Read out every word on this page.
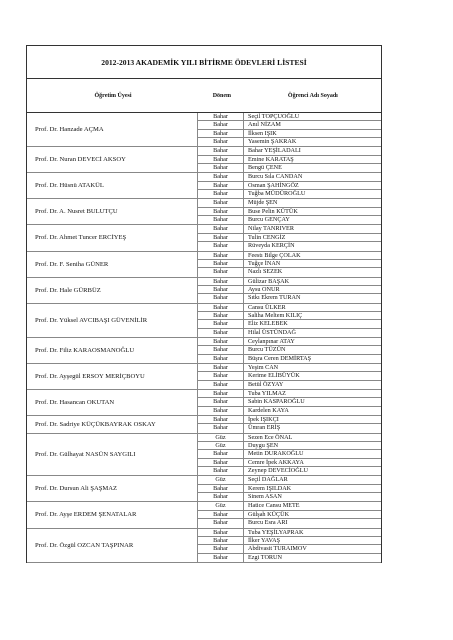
2012-2013 AKADEMİK YILI BİTİRME ÖDEVLERİ LİSTESİ
Öğretim Üyesi	Dönem	Öğrenci Adı Soyadı
Prof. Dr. Hanzade AÇMA
Bahar	Seçil TOPÇUOĞLU
Bahar	Anıl NİZAM
Bahar	İlksen IŞIK
Bahar	Yasemin ŞAKRAK
Prof. Dr. Nuran DEVECİ AKSOY
Bahar	Bahar YEŞİLADALI
Bahar	Emine KARATAŞ
Bahar	Bengü ÇENE
Prof. Dr. Hüsnü ATAKÜL
Bahar	Burcu Sıla CANDAN
Bahar	Osman ŞAHİNGÖZ
Bahar	Tuğba MÜDÜROĞLU
Prof. Dr. A. Nusret BULUTÇU
Bahar	Müjde ŞEN
Bahar	Buse Pelin KÜTÜK
Bahar	Burcu GENÇAY
Prof. Dr. Ahmet Tuncer ERCİYEŞ
Bahar	Nilay TANRIVER
Bahar	Tulin CENGİZ
Bahar	Rüveyda KERÇİN
Prof. Dr. F. Seniha GÜNER
Bahar	Feestı Bilge ÇOLAK
Bahar	Tuğçe İNAN
Bahar	Nazlı SEZEK
Prof. Dr. Hale GÜRBÜZ
Bahar	Gülizar BAŞAK
Bahar	Aysu ONUR
Bahar	Sıtkı Ekrem TURAN
Prof. Dr. Yüksel AVCIBAŞI GÜVENİLİR
Bahar	Cansu ÜLKER
Bahar	Saliha Meltem KILIÇ
Bahar	Eliz KELEBEK
Bahar	Hilal ÜSTÜNDAĞ
Prof. Dr. Filiz KARAOSMANOĞLU
Bahar	Ceylanpınar ATAY
Bahar	Burcu TÜZÜN
Bahar	Büşra Ceren DEMİRTAŞ
Prof. Dr. Ayşegül ERSOY MERİÇBOYU
Bahar	Yeşim CAN
Bahar	Kerime ELİBÜYÜK
Bahar	Betül ÖZYAY
Prof. Dr. Hasancan OKUTAN
Bahar	Tuba YILMAZ
Bahar	Sabin KASPAROĞLU
Bahar	Kardelen KAYA
Prof. Dr. Sadriye KÜÇÜKBAYRAK OSKAY
Bahar	İpek IŞIKÇI
Bahar	Ümran ERİŞ
Prof. Dr. Gülhayat NASÜN SAYGILI
Güz	Sezen Ece ÖNAL
Güz	Duygu ŞEN
Bahar	Metin DURAKOĞLU
Bahar	Cemre İpek AKKAYA
Bahar	Zeynep DEVECİOĞLU
Prof. Dr. Dursun Ali ŞAŞMAZ
Güz	Seçil DAĞLAR
Bahar	Kerem IŞILDAK
Bahar	Sinem ASAN
Prof. Dr. Ayşe ERDEM ŞENATALAR
Güz	Hatice Cansu METE
Bahar	Gülşah KÜÇÜK
Bahar	Burcu Esra ARI
Prof. Dr. Özgül OZCAN TAŞPINAR
Bahar	Tuba YEŞİLYAPRAK
Bahar	İlker YAVAŞ
Bahar	Abdivasit TURAIMOV
Bahar	Ezgi TORUN
